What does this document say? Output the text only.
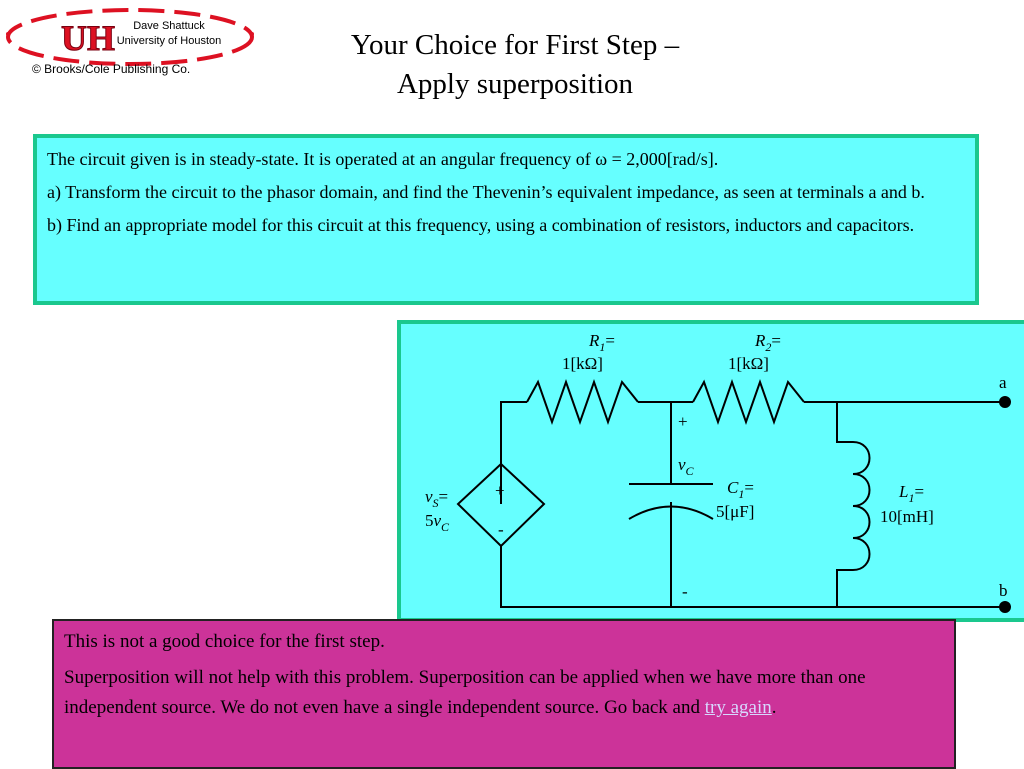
UH	Dave Shattuck
University of Houston
© Brooks/Cole Publishing Co.
Your Choice for First Step –
Apply superposition

The circuit given is in steady-state. It is operated at an angular frequency of ω = 2,000[rad/s].

a) Transform the circuit to the phasor domain, and find the Thevenin’s equivalent impedance, as seen at terminals a and b.

b) Find an appropriate model for this circuit at this frequency, using a combination of resistors, inductors and capacitors.

$R_1=$
1[kΩ]
$R_2=$
1[kΩ]
+
$v_C$
-
$C_1=$
5[μF]
$L_1=$
10[mH]
+
-
$v_S=$
$5v_C$
a
b

This is not a good choice for the first step.

Superposition will not help with this problem. Superposition can be applied when we have more than one independent source. We do not even have a single independent source. Go back and try again.
